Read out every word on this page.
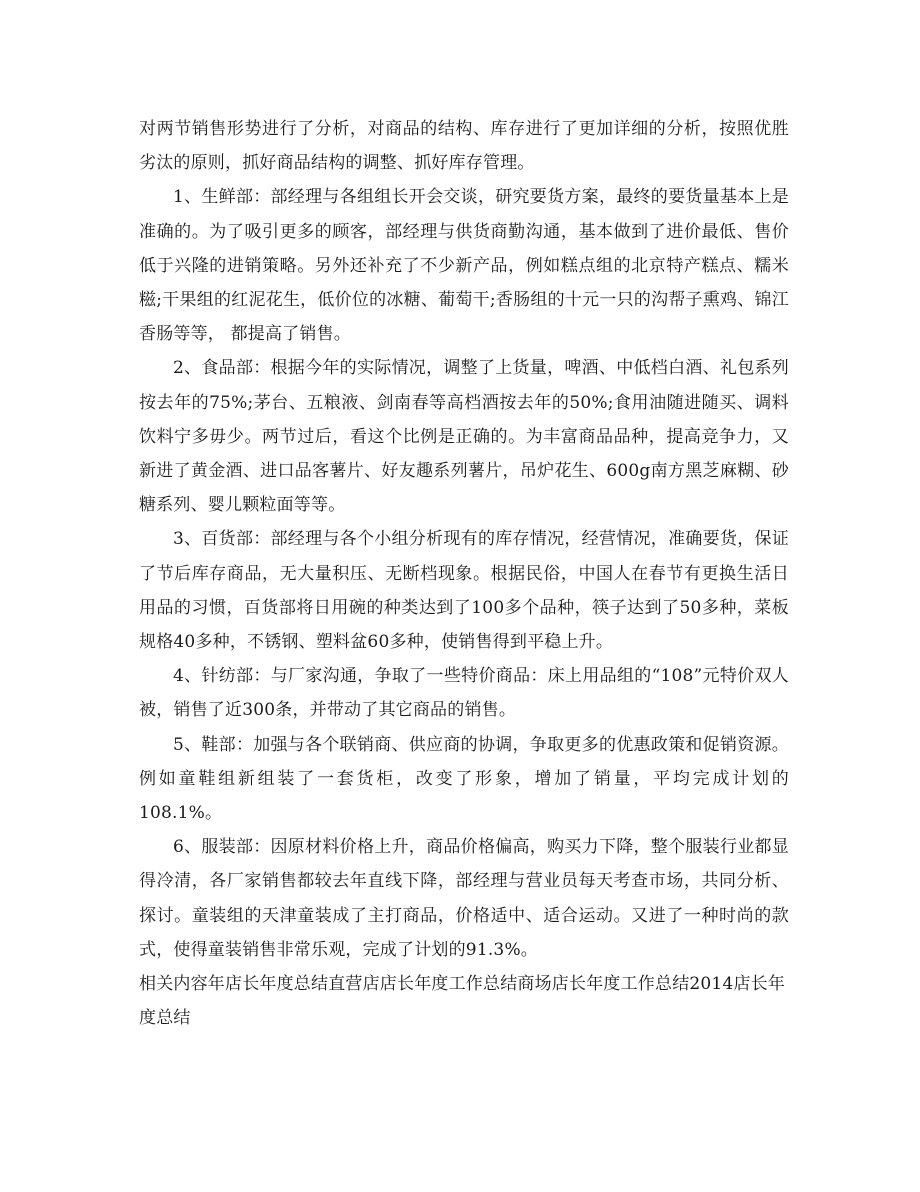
对两节销售形势进行了分析，对商品的结构、库存进行了更加详细的分析，按照优胜劣汰的原则，抓好商品结构的调整、抓好库存管理。

1、生鲜部：部经理与各组组长开会交谈，研究要货方案，最终的要货量基本上是准确的。为了吸引更多的顾客，部经理与供货商勤沟通，基本做到了进价最低、售价低于兴隆的进销策略。另外还补充了不少新产品，例如糕点组的北京特产糕点、糯米糍;干果组的红泥花生，低价位的冰糖、葡萄干;香肠组的十元一只的沟帮子熏鸡、锦江香肠等等， 都提高了销售。

2、食品部：根据今年的实际情况，调整了上货量，啤酒、中低档白酒、礼包系列按去年的75%;茅台、五粮液、剑南春等高档酒按去年的50%;食用油随进随买、调料饮料宁多毋少。两节过后，看这个比例是正确的。为丰富商品品种，提高竞争力，又新进了黄金酒、进口品客薯片、好友趣系列薯片，吊炉花生、600g南方黑芝麻糊、砂糖系列、婴儿颗粒面等等。

3、百货部：部经理与各个小组分析现有的库存情况，经营情况，准确要货，保证了节后库存商品，无大量积压、无断档现象。根据民俗，中国人在春节有更换生活日用品的习惯，百货部将日用碗的种类达到了100多个品种，筷子达到了50多种，菜板规格40多种，不锈钢、塑料盆60多种，使销售得到平稳上升。

4、针纺部：与厂家沟通，争取了一些特价商品：床上用品组的“108”元特价双人被，销售了近300条，并带动了其它商品的销售。

5、鞋部：加强与各个联销商、供应商的协调，争取更多的优惠政策和促销资源。例如童鞋组新组装了一套货柜，改变了形象，增加了销量，平均完成计划的108.1%。

6、服装部：因原材料价格上升，商品价格偏高，购买力下降，整个服装行业都显得冷清，各厂家销售都较去年直线下降，部经理与营业员每天考查市场，共同分析、探讨。童装组的天津童装成了主打商品，价格适中、适合运动。又进了一种时尚的款式，使得童装销售非常乐观，完成了计划的91.3%。

相关内容年店长年度总结直营店店长年度工作总结商场店长年度工作总结2014店长年度总结
